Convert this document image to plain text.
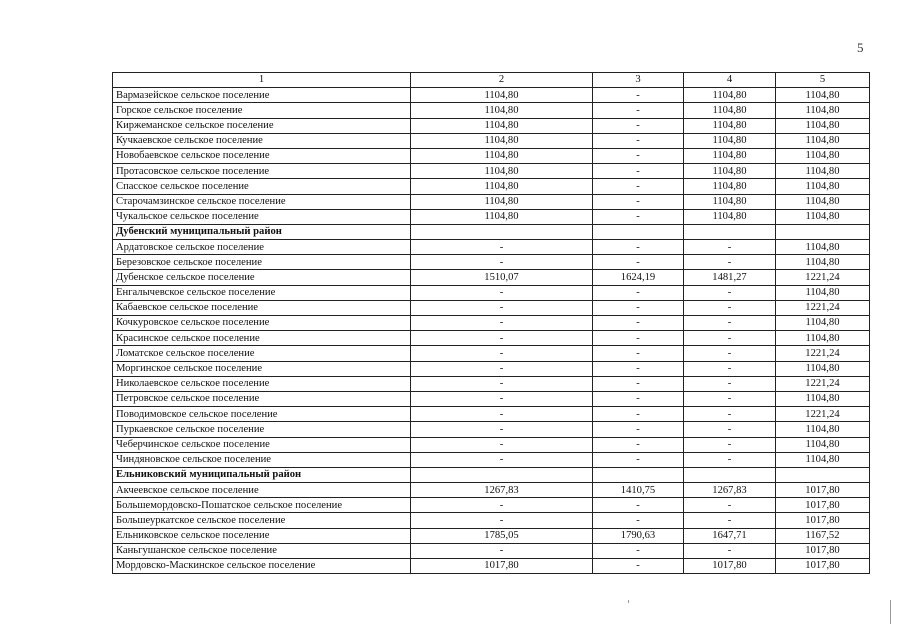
5
1	2	3	4	5
Вармазейское сельское поселение	1104,80	-	1104,80	1104,80
Горское сельское поселение	1104,80	-	1104,80	1104,80
Киржеманское сельское поселение	1104,80	-	1104,80	1104,80
Кучкаевское сельское поселение	1104,80	-	1104,80	1104,80
Новобаевское сельское поселение	1104,80	-	1104,80	1104,80
Протасовское сельское поселение	1104,80	-	1104,80	1104,80
Спасское сельское поселение	1104,80	-	1104,80	1104,80
Старочамзинское сельское поселение	1104,80	-	1104,80	1104,80
Чукальское сельское поселение	1104,80	-	1104,80	1104,80
Дубенский муниципальный район				
Ардатовское сельское поселение	-	-	-	1104,80
Березовское сельское поселение	-	-	-	1104,80
Дубенское сельское поселение	1510,07	1624,19	1481,27	1221,24
Енгалычевское сельское поселение	-	-	-	1104,80
Кабаевское сельское поселение	-	-	-	1221,24
Кочкуровское сельское поселение	-	-	-	1104,80
Красинское сельское поселение	-	-	-	1104,80
Ломатское сельское поселение	-	-	-	1221,24
Моргинское сельское поселение	-	-	-	1104,80
Николаевское сельское поселение	-	-	-	1221,24
Петровское сельское поселение	-	-	-	1104,80
Поводимовское сельское поселение	-	-	-	1221,24
Пуркаевское сельское поселение	-	-	-	1104,80
Чеберчинское сельское поселение	-	-	-	1104,80
Чиндяновское сельское поселение	-	-	-	1104,80
Ельниковский муниципальный район				
Акчеевское сельское поселение	1267,83	1410,75	1267,83	1017,80
Большемордовско-Пошатское сельское поселение	-	-	-	1017,80
Большеуркатское сельское поселение	-	-	-	1017,80
Ельниковское сельское поселение	1785,05	1790,63	1647,71	1167,52
Каньгушанское сельское поселение	-	-	-	1017,80
Мордовско-Маскинское сельское поселение	1017,80	-	1017,80	1017,80
